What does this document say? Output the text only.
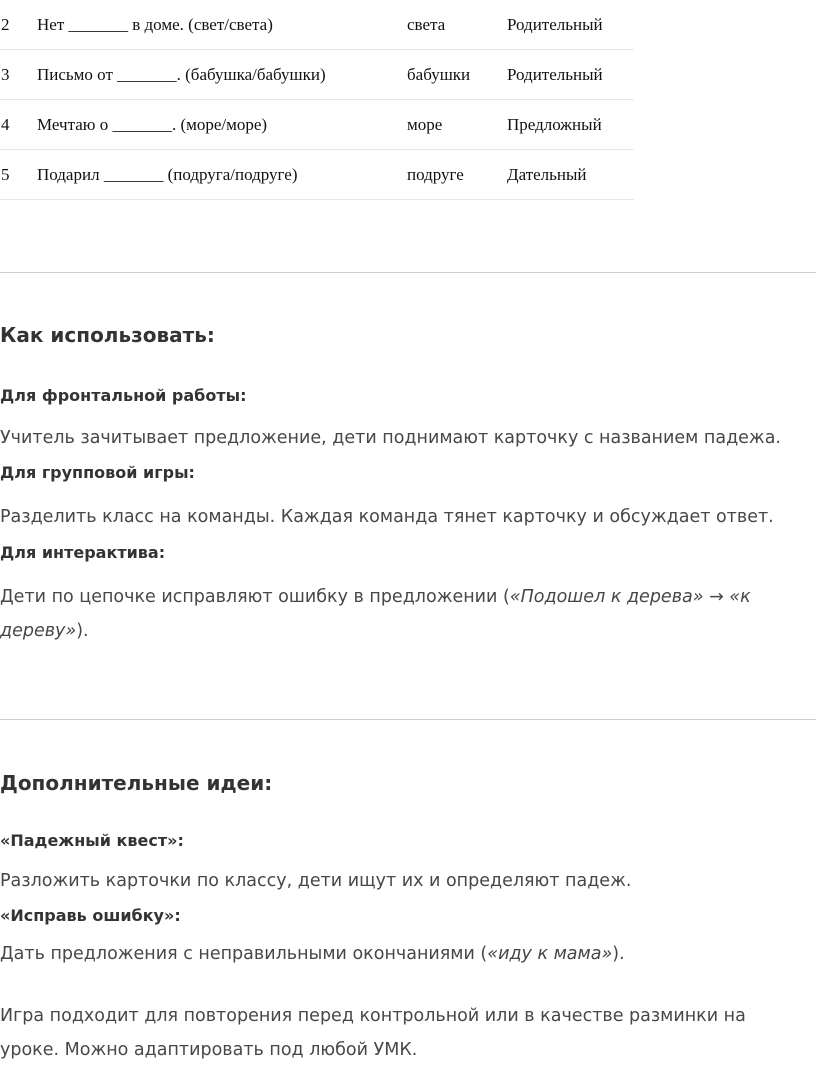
2	Нет _______ в доме. (свет/света)	света	Родительный
3	Письмо от _______. (бабушка/бабушки)	бабушки	Родительный
4	Мечтаю о _______. (море/море)	море	Предложный
5	Подарил _______ (подруга/подруге)	подруге	Дательный
Как использовать:
Для фронтальной работы:

Учитель зачитывает предложение, дети поднимают карточку с названием падежа.

Для групповой игры:

Разделить класс на команды. Каждая команда тянет карточку и обсуждает ответ.

Для интерактива:

Дети по цепочке исправляют ошибку в предложении («Подошел к дерева» → «к дереву»).

Дополнительные идеи:
«Падежный квест»:

Разложить карточки по классу, дети ищут их и определяют падеж.

«Исправь ошибку»:

Дать предложения с неправильными окончаниями («иду к мама»).

Игра подходит для повторения перед контрольной или в качестве разминки на уроке. Можно адаптировать под любой УМК.
